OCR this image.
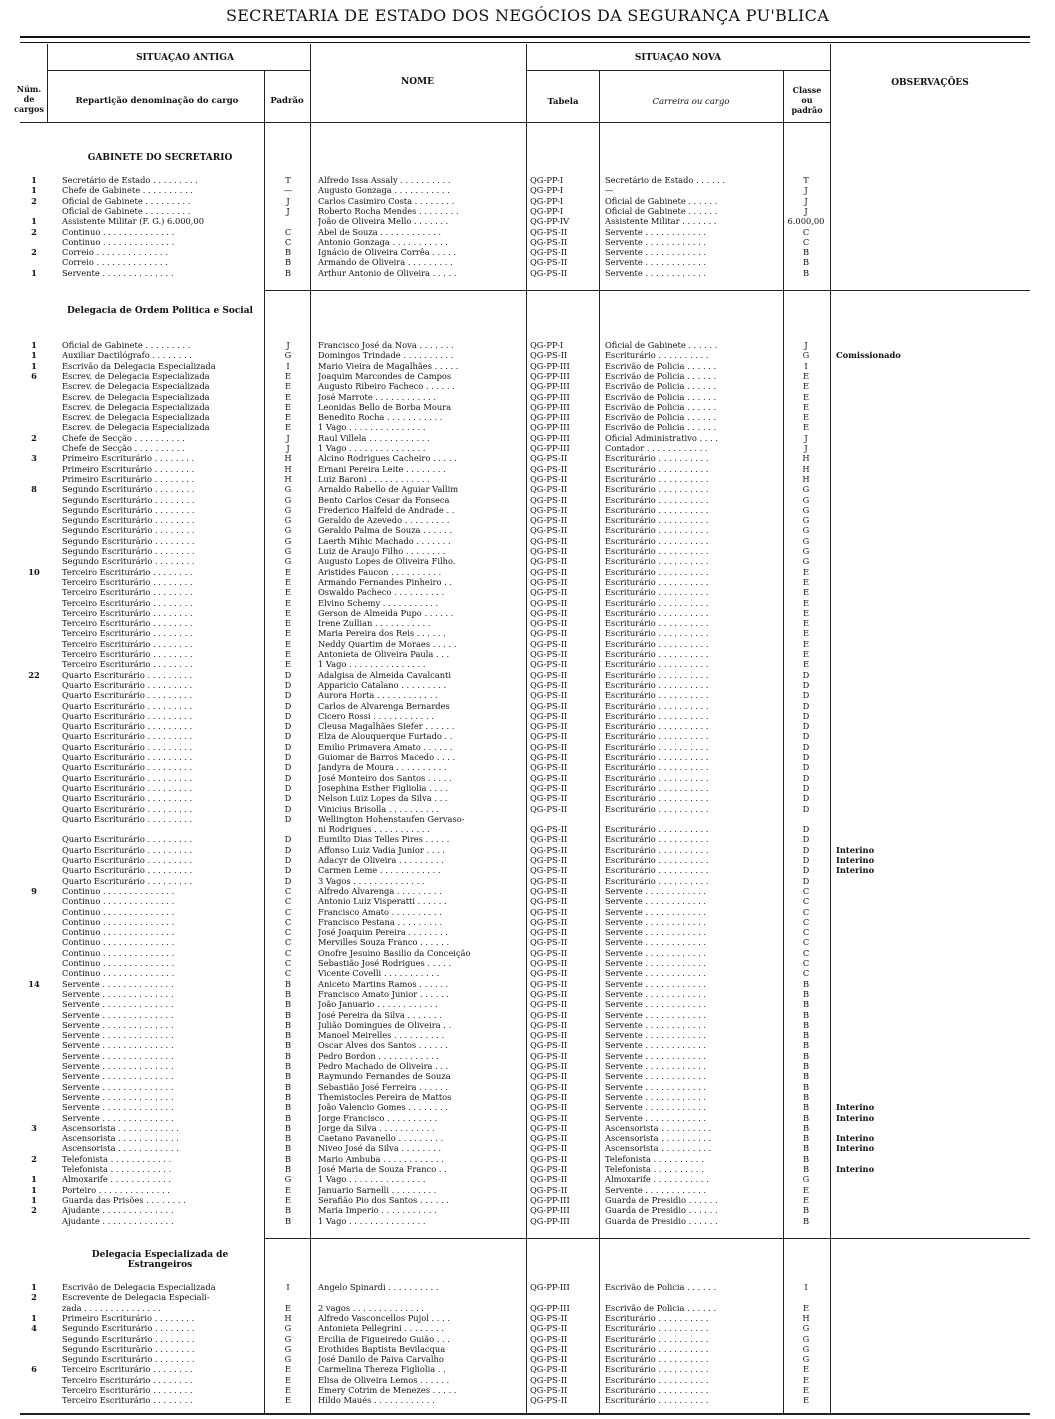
SECRETARIA DE ESTADO DOS NEGÓCIOS DA SEGURANÇA PU'BLICA
SITUAÇAO ANTIGA	SITUAÇAO NOVA
Núm. de cargos
Repartição denominação do cargo	Padrão
NOME
Tabela	Carreira ou cargo
Classe ou padrão
OBSERVAÇÕES
GABINETE DO SECRETARIO
1	Secretário de Estado . . . . . . . . .	T	Alfredo Issa Assaly . . . . . . . . . .	QG-PP-I	Secretário de Estado . . . . . .	T
1	Chefe de Gabinete . . . . . . . . . .	—	Augusto Gonzaga . . . . . . . . . . .	QG-PP-I	—	J
2	Oficial de Gabinete . . . . . . . . .	J	Carlos Casimiro Costa . . . . . . . .	QG-PP-I	Oficial de Gabinete . . . . . .	J
Oficial de Gabinete . . . . . . . . .	J	Roberto Rocha Mendes . . . . . . . .	QG-PP-I	Oficial de Gabinete . . . . . .	J
1	Assistente Militar (F. G.) 6.000,00	João de Oliveira Mello . . . . . . .	QG-PP-IV	Assistente Militar . . . . . . .	6.000,00
2	Continuo . . . . . . . . . . . . . .	C	Abel de Souza . . . . . . . . . . . .	QG-PS-II	Servente . . . . . . . . . . . .	C
Continuo . . . . . . . . . . . . . .	C	Antonio Gonzaga . . . . . . . . . . .	QG-PS-II	Servente . . . . . . . . . . . .	C
2	Correio . . . . . . . . . . . . . .	B	Ignácio de Oliveira Corrêa . . . . .	QG-PS-II	Servente . . . . . . . . . . . .	B
Correio . . . . . . . . . . . . . .	B	Armando de Oliveira . . . . . . . . .	QG-PS-II	Servente . . . . . . . . . . . .	B
1	Servente . . . . . . . . . . . . . .	B	Arthur Antonio de Oliveira . . . . .	QG-PS-II	Servente . . . . . . . . . . . .	B
Delegacia de Ordem Politica e Social
1	Oficial de Gabinete . . . . . . . . .	J	Francisco José da Nova . . . . . . .	QG-PP-I	Oficial de Gabinete . . . . . .	J
1	Auxiliar Dactilógrafo . . . . . . . .	G	Domingos Trindade . . . . . . . . . .	QG-PS-II	Escriturário . . . . . . . . . .	G	Comissionado
1	Escrivão da Delegacia Especializada	I	Mario Vieira de Magalhães . . . . .	QG-PP-III	Escrivão de Policia . . . . . .	I
6	Escrev. de Delegacia Especializada	E	Joaquim Marcondes de Campos	QG-PP-III	Escrivão de Policia . . . . . .	E
Escrev. de Delegacia Especializada	E	Augusto Ribeiro Facheco . . . . . .	QG-PP-III	Escrivão de Policia . . . . . .	E
Escrev. de Delegacia Especializada	E	José Marrote . . . . . . . . . . . .	QG-PP-III	Escrivão de Policia . . . . . .	E
Escrev. de Delegacia Especializada	E	Leonidas Bello de Borba Moura	QG-PP-III	Escrivão de Policia . . . . . .	E
Escrev. de Delegacia Especializada	E	Benedito Rocha . . . . . . . . . . .	QG-PP-III	Escrivão de Policia . . . . . .	E
Escrev. de Delegacia Especializada	E	1 Vago . . . . . . . . . . . . . . .	QG-PP-III	Escrivão de Policia . . . . . .	E
2	Chefe de Secção . . . . . . . . . .	J	Raul Villela . . . . . . . . . . . .	QG-PP-III	Oficial Administrativo . . . .	J
Chefe de Secção . . . . . . . . . .	J	1 Vago . . . . . . . . . . . . . . .	QG-PP-III	Contador . . . . . . . . . . . .	J
3	Primeiro Escriturário . . . . . . . .	H	Alcino Rodrigues Cacheiro . . . . .	QG-PS-II	Escriturário . . . . . . . . . .	H
Primeiro Escriturário . . . . . . . .	H	Ernani Pereira Leite . . . . . . . .	QG-PS-II	Escriturário . . . . . . . . . .	H
Primeiro Escriturário . . . . . . . .	H	Luiz Baroni . . . . . . . . . . . .	QG-PS-II	Escriturário . . . . . . . . . .	H
8	Segundo Escriturário . . . . . . . .	G	Arnaldo Rabello de Aguiar Vallim	QG-PS-II	Escriturário . . . . . . . . . .	G
Segundo Escriturário . . . . . . . .	G	Bento Carlos Cesar da Fonseca	QG-PS-II	Escriturário . . . . . . . . . .	G
Segundo Escriturário . . . . . . . .	G	Frederico Halfeld de Andrade . .	QG-PS-II	Escriturário . . . . . . . . . .	G
Segundo Escriturário . . . . . . . .	G	Geraldo de Azevedo . . . . . . . . .	QG-PS-II	Escriturário . . . . . . . . . .	G
Segundo Escriturário . . . . . . . .	G	Geraldo Palma de Souza . . . . . .	QG-PS-II	Escriturário . . . . . . . . . .	G
Segundo Escriturário . . . . . . . .	G	Laerth Mihic Machado . . . . . . .	QG-PS-II	Escriturário . . . . . . . . . .	G
Segundo Escriturário . . . . . . . .	G	Luiz de Araujo Filho . . . . . . . .	QG-PS-II	Escriturário . . . . . . . . . .	G
Segundo Escriturário . . . . . . . .	G	Augusto Lopes de Oliveira Filho.	QG-PS-II	Escriturário . . . . . . . . . .	G
10	Terceiro Escriturário . . . . . . . .	E	Aristides Faucon . . . . . . . . . .	QG-PS-II	Escriturário . . . . . . . . . .	E
Terceiro Escriturário . . . . . . . .	E	Armando Fernandes Pinheiro . .	QG-PS-II	Escriturário . . . . . . . . . .	E
Terceiro Escriturário . . . . . . . .	E	Oswaldo Pacheco . . . . . . . . . .	QG-PS-II	Escriturário . . . . . . . . . .	E
Terceiro Escriturário . . . . . . . .	E	Elvino Schemy . . . . . . . . . . .	QG-PS-II	Escriturário . . . . . . . . . .	E
Terceiro Escriturário . . . . . . . .	E	Gerson de Almeida Pupo . . . . . .	QG-PS-II	Escriturário . . . . . . . . . .	E
Terceiro Escriturário . . . . . . . .	E	Irene Zullian . . . . . . . . . . .	QG-PS-II	Escriturário . . . . . . . . . .	E
Terceiro Escriturário . . . . . . . .	E	Maria Pereira dos Reis . . . . . .	QG-PS-II	Escriturário . . . . . . . . . .	E
Terceiro Escriturário . . . . . . . .	E	Neddy Quartim de Moraes . . . . .	QG-PS-II	Escriturário . . . . . . . . . .	E
Terceiro Escriturário . . . . . . . .	E	Antonieta de Oliveira Paula . . .	QG-PS-II	Escriturário . . . . . . . . . .	E
Terceiro Escriturário . . . . . . . .	E	1 Vago . . . . . . . . . . . . . . .	QG-PS-II	Escriturário . . . . . . . . . .	E
22	Quarto Escriturário . . . . . . . . .	D	Adalgisa de Almeida Cavalcanti	QG-PS-II	Escriturário . . . . . . . . . .	D
Quarto Escriturário . . . . . . . . .	D	Apparicio Catalano . . . . . . . . .	QG-PS-II	Escriturário . . . . . . . . . .	D
Quarto Escriturário . . . . . . . . .	D	Aurora Horta . . . . . . . . . . . .	QG-PS-II	Escriturário . . . . . . . . . .	D
Quarto Escriturário . . . . . . . . .	D	Carlos de Alvarenga Bernardes	QG-PS-II	Escriturário . . . . . . . . . .	D
Quarto Escriturário . . . . . . . . .	D	Cicero Rossi . . . . . . . . . . . .	QG-PS-II	Escriturário . . . . . . . . . .	D
Quarto Escriturário . . . . . . . . .	D	Cleusa Magalhães Siefer . . . . . .	QG-PS-II	Escriturário . . . . . . . . . .	D
Quarto Escriturário . . . . . . . . .	D	Elza de Alouquerque Furtado . .	QG-PS-II	Escriturário . . . . . . . . . .	D
Quarto Escriturário . . . . . . . . .	D	Emilio Primavera Amato . . . . . .	QG-PS-II	Escriturário . . . . . . . . . .	D
Quarto Escriturário . . . . . . . . .	D	Guiomar de Barros Macedo . . . .	QG-PS-II	Escriturário . . . . . . . . . .	D
Quarto Escriturário . . . . . . . . .	D	Jandyra de Moura . . . . . . . . . .	QG-PS-II	Escriturário . . . . . . . . . .	D
Quarto Escriturário . . . . . . . . .	D	José Monteiro dos Santos . . . . .	QG-PS-II	Escriturário . . . . . . . . . .	D
Quarto Escriturário . . . . . . . . .	D	Josephina Esther Figliolia . . . .	QG-PS-II	Escriturário . . . . . . . . . .	D
Quarto Escriturário . . . . . . . . .	D	Nelson Luiz Lopes da Silva . . .	QG-PS-II	Escriturário . . . . . . . . . .	D
Quarto Escriturário . . . . . . . . .	D	Vinicius Brisolla . . . . . . . . . .	QG-PS-II	Escriturário . . . . . . . . . .	D
Quarto Escriturário . . . . . . . . .	D	Wellington Hohenstaufen Gervaso-
ni Rodrigues . . . . . . . . . . .	QG-PS-II	Escriturário . . . . . . . . . .	D
Quarto Escriturário . . . . . . . . .	D	Eumilto Dias Telles Pires . . . . .	QG-PS-II	Escriturário . . . . . . . . . .	D
Quarto Escriturário . . . . . . . . .	D	Affonso Luiz Vadia Junior . . . .	QG-PS-II	Escriturário . . . . . . . . . .	D	Interino
Quarto Escriturário . . . . . . . . .	D	Adacyr de Oliveira . . . . . . . . .	QG-PS-II	Escriturário . . . . . . . . . .	D	Interino
Quarto Escriturário . . . . . . . . .	D	Carmen Leme . . . . . . . . . . . .	QG-PS-II	Escriturário . . . . . . . . . .	D	Interino
Quarto Escriturário . . . . . . . . .	D	3 Vagos . . . . . . . . . . . . . .	QG-PS-II	Escriturário . . . . . . . . . .	D
9	Continuo . . . . . . . . . . . . . .	C	Alfredo Alvarenga . . . . . . . . .	QG-PS-II	Servente . . . . . . . . . . . .	C
Continuo . . . . . . . . . . . . . .	C	Antonio Luiz Visperatti . . . . . .	QG-PS-II	Servente . . . . . . . . . . . .	C
Continuo . . . . . . . . . . . . . .	C	Francisco Amato . . . . . . . . . .	QG-PS-II	Servente . . . . . . . . . . . .	C
Continuo . . . . . . . . . . . . . .	C	Francisco Pestana . . . . . . . . .	QG-PS-II	Servente . . . . . . . . . . . .	C
Continuo . . . . . . . . . . . . . .	C	José Joaquim Pereira . . . . . . . .	QG-PS-II	Servente . . . . . . . . . . . .	C
Continuo . . . . . . . . . . . . . .	C	Mervilles Souza Franco . . . . . .	QG-PS-II	Servente . . . . . . . . . . . .	C
Continuo . . . . . . . . . . . . . .	C	Onofre Jesuino Basilio da Conceição	QG-PS-II	Servente . . . . . . . . . . . .	C
Continuo . . . . . . . . . . . . . .	C	Sebastião José Rodrigues . . . . .	QG-PS-II	Servente . . . . . . . . . . . .	C
Continuo . . . . . . . . . . . . . .	C	Vicente Covelli . . . . . . . . . . .	QG-PS-II	Servente . . . . . . . . . . . .	C
14	Servente . . . . . . . . . . . . . .	B	Aniceto Martins Ramos . . . . . .	QG-PS-II	Servente . . . . . . . . . . . .	B
Servente . . . . . . . . . . . . . .	B	Francisco Amato Junior . . . . . .	QG-PS-II	Servente . . . . . . . . . . . .	B
Servente . . . . . . . . . . . . . .	B	João Januario . . . . . . . . . . . .	QG-PS-II	Servente . . . . . . . . . . . .	B
Servente . . . . . . . . . . . . . .	B	José Pereira da Silva . . . . . . .	QG-PS-II	Servente . . . . . . . . . . . .	B
Servente . . . . . . . . . . . . . .	B	Julião Domingues de Oliveira . .	QG-PS-II	Servente . . . . . . . . . . . .	B
Servente . . . . . . . . . . . . . .	B	Manoel Meirelles . . . . . . . . . .	QG-PS-II	Servente . . . . . . . . . . . .	B
Servente . . . . . . . . . . . . . .	B	Oscar Alves dos Santos . . . . . .	QG-PS-II	Servente . . . . . . . . . . . .	B
Servente . . . . . . . . . . . . . .	B	Pedro Bordon . . . . . . . . . . . .	QG-PS-II	Servente . . . . . . . . . . . .	B
Servente . . . . . . . . . . . . . .	B	Pedro Machado de Oliveira . . .	QG-PS-II	Servente . . . . . . . . . . . .	B
Servente . . . . . . . . . . . . . .	B	Raymundo Fernandes de Souza	QG-PS-II	Servente . . . . . . . . . . . .	B
Servente . . . . . . . . . . . . . .	B	Sebastião José Ferreira . . . . . .	QG-PS-II	Servente . . . . . . . . . . . .	B
Servente . . . . . . . . . . . . . .	B	Themistocles Pereira de Mattos	QG-PS-II	Servente . . . . . . . . . . . .	B
Servente . . . . . . . . . . . . . .	B	João Valencio Gomes . . . . . . . .	QG-PS-II	Servente . . . . . . . . . . . .	B	Interino
Servente . . . . . . . . . . . . . .	B	Jorge Francisco . . . . . . . . . .	QG-PS-II	Servente . . . . . . . . . . . .	B	Interino
3	Ascensorista . . . . . . . . . . . .	B	Jorge da Silva . . . . . . . . . . .	QG-PS-II	Ascensorista . . . . . . . . . .	B
Ascensorista . . . . . . . . . . . .	B	Caetano Pavanello . . . . . . . . .	QG-PS-II	Ascensorista . . . . . . . . . .	B	Interino
Ascensorista . . . . . . . . . . . .	B	Niveo José da Silva . . . . . . . .	QG-PS-II	Ascensorista . . . . . . . . . .	B	Interino
2	Telefonista . . . . . . . . . . . .	B	Mario Ambuba . . . . . . . . . . . .	QG-PS-II	Telefonista . . . . . . . . . .	B
Telefonista . . . . . . . . . . . .	B	José Maria de Souza Franco . .	QG-PS-II	Telefonista . . . . . . . . . .	B	Interino
1	Almoxarife . . . . . . . . . . . .	G	1 Vago . . . . . . . . . . . . . . .	QG-PS-II	Almoxarife . . . . . . . . . . .	G
1	Porteiro . . . . . . . . . . . . . .	E	Januario Sarnelli . . . . . . . . .	QG-PS-II	Servente . . . . . . . . . . . .	E
1	Guarda das Prisões . . . . . . . .	E	Serafião Pio dos Santos . . . . . .	QG-PP-III	Guarda de Presidio . . . . . .	E
2	Ajudante . . . . . . . . . . . . . .	B	Maria Imperio . . . . . . . . . . .	QG-PP-III	Guarda de Presidio . . . . . .	B
Ajudante . . . . . . . . . . . . . .	B	1 Vago . . . . . . . . . . . . . . .	QG-PP-III	Guarda de Presidio . . . . . .	B
Delegacia Especializada de Estrangeiros
1	Escrivão de Delegacia Especializada	I	Angelo Spinardi . . . . . . . . . .	QG-PP-III	Escrivão de Policia . . . . . .	I
2	Escrevente de Delegacia Especiali-
zada . . . . . . . . . . . . . . .	E	2 vagos . . . . . . . . . . . . . .	QG-PP-III	Escrivão de Policia . . . . . .	E
1	Primeiro Escriturário . . . . . . . .	H	Alfredo Vasconcellos Pujol . . . .	QG-PS-II	Escriturário . . . . . . . . . .	H
4	Segundo Escriturário . . . . . . . .	G	Antonieta Pellegrini . . . . . . . .	QG-PS-II	Escriturário . . . . . . . . . .	G
Segundo Escriturário . . . . . . . .	G	Ercilia de Figueiredo Guião . . .	QG-PS-II	Escriturário . . . . . . . . . .	G
Segundo Escriturário . . . . . . . .	G	Erothides Baptista Bevilacqua	QG-PS-II	Escriturário . . . . . . . . . .	G
Segundo Escriturário . . . . . . . .	G	José Danilo de Paiva Carvalho	QG-PS-II	Escriturário . . . . . . . . . .	G
6	Terceiro Escriturário . . . . . . . .	E	Carmelina Thereza Figliolia . .	QG-PS-II	Escriturário . . . . . . . . . .	E
Terceiro Escriturário . . . . . . . .	E	Elisa de Oliveira Lemos . . . . . .	QG-PS-II	Escriturário . . . . . . . . . .	E
Terceiro Escriturário . . . . . . . .	E	Emery Cotrim de Menezes . . . . .	QG-PS-II	Escriturário . . . . . . . . . .	E
Terceiro Escriturário . . . . . . . .	E	Hildo Maués . . . . . . . . . . . .	QG-PS-II	Escriturário . . . . . . . . . .	E
